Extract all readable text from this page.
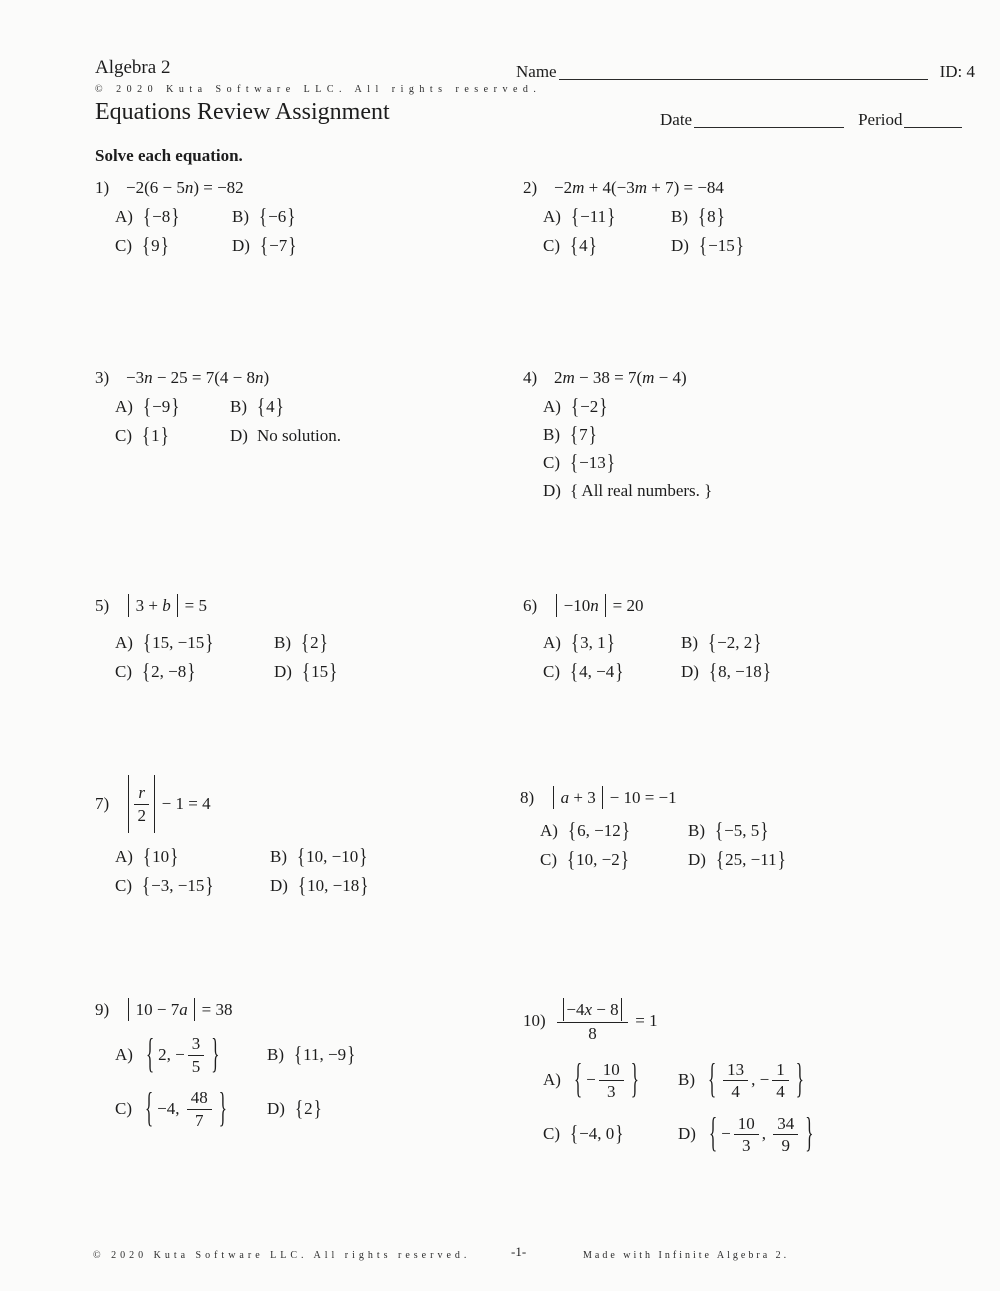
Algebra 2
© 2020 Kuta Software LLC. All rights reserved.
Equations Review Assignment
Name	ID: 4
Date	Period
Solve each equation.
1) −2(6 − 5 n ) = −82
A) { −8 }	B) { −6 }
C) { 9 }	D) { −7 }
2) −2 m + 4(−3 m + 7) = −84
A) { −11 }	B) { 8 }
C) { 4 }	D) { −15 }
3) −3 n − 25 = 7(4 − 8 n )
A) { −9 }	B) { 4 }
C) { 1 }	D) No solution.
4) 2 m − 38 = 7( m − 4)
A) { −2 }
B) { 7 }
C) { −13 }
D) { All real numbers. }
5)	3 + b
= 5
A) { 15, −15 }	B) { 2 }
C) { 2, −8 }	D) { 15 }
6)	−10 n
= 20
A) { 3, 1 }	B) { −2, 2 }
C) { 4, −4 }	D) { 8, −18 }
7)	$\frac{r}{2} - 1 = 4$
A) { 10 }	B) { 10, −10 }
C) { −3, −15 }	D) { 10, −18 }
8)
	a + 3 − 10 = −1
A) { 6, −12 }	B) { −5, 5 }
C) { 10, −2 }	D) { 25, −11 }
9)	10 − 7 a
= 38
A) { 2, − $\frac{3}{5}$ }	B) { 11, −9 }
C) { −4, $\frac{48}{7}$ } D) { 2 }
$10) \frac{-4 x - 8}{8} = 1$
A) { − $\frac{10}{3}$ } B) { $\frac{13}{4}$ , − $\frac{1}{4}$ }
C) { −4, 0 }	D) { − $\frac{10}{3}$ , $\frac{34}{9}$ }
© 2020 Kuta Software LLC. All rights reserved.	-1-	Made with Infinite Algebra 2.
